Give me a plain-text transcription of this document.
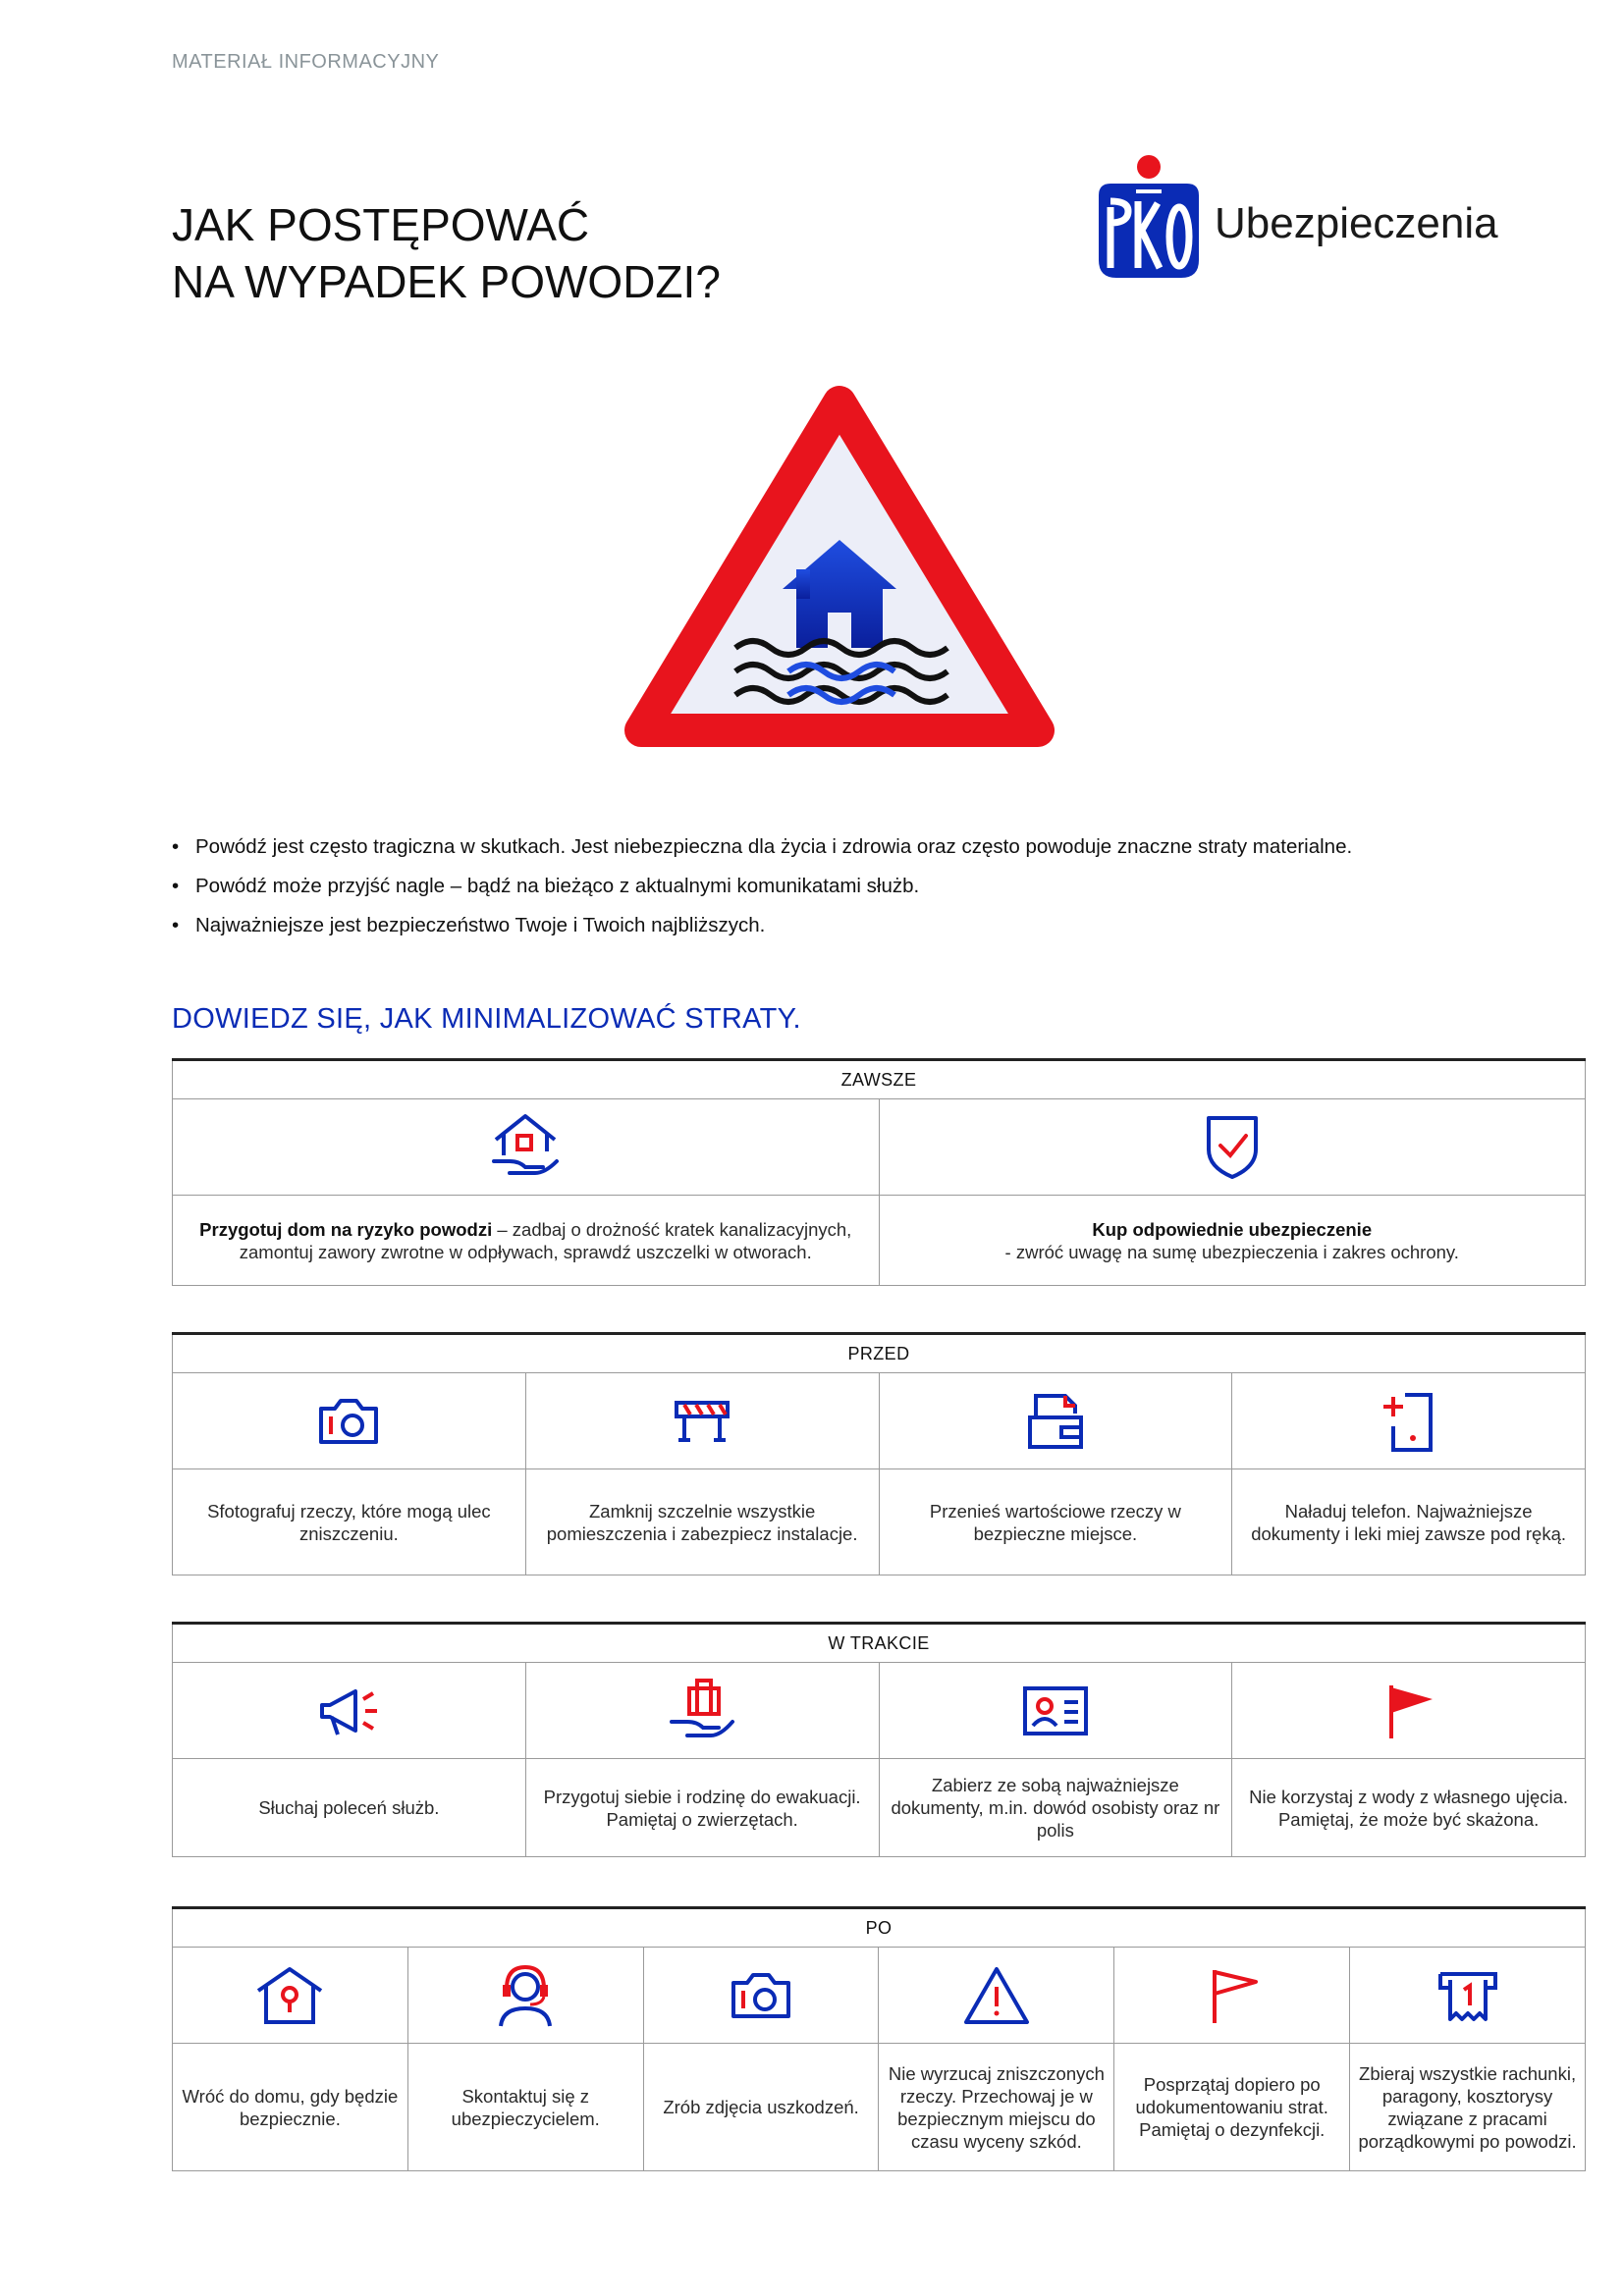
MATERIAŁ INFORMACYJNY
JAK POSTĘPOWAĆ
NA WYPADEK POWODZI?
Ubezpieczenia
• Powódź jest często tragiczna w skutkach. Jest niebezpieczna dla życia i zdrowia oraz często powoduje znaczne straty materialne.
• Powódź może przyjść nagle – bądź na bieżąco z aktualnymi komunikatami służb.
• Najważniejsze jest bezpieczeństwo Twoje i Twoich najbliższych.
DOWIEDZ SIĘ, JAK MINIMALIZOWAĆ STRATY.
ZAWSZE	

Przygotuj dom na ryzyko powodzi – zadbaj o drożność kratek kanalizacyjnych, zamontuj zawory zwrotne w odpływach, sprawdź uszczelki w otworach.	Kup odpowiednie ubezpieczenie
- zwróć uwagę na sumę ubezpieczenia i zakres ochrony.
PRZED			

Sfotografuj rzeczy, które mogą ulec zniszczeniu.	Zamknij szczelnie wszystkie pomieszczenia i zabezpiecz instalacje.	Przenieś wartościowe rzeczy w bezpieczne miejsce.	Naładuj telefon. Najważniejsze dokumenty i leki miej zawsze pod ręką.
W TRAKCIE			

Słuchaj poleceń służb.	Przygotuj siebie i rodzinę do ewakuacji. Pamiętaj o zwierzętach.	Zabierz ze sobą najważniejsze dokumenty, m.in. dowód osobisty oraz nr polis	Nie korzystaj z wody z własnego ujęcia. Pamiętaj, że może być skażona.
PO					

Wróć do domu, gdy będzie bezpiecznie.	Skontaktuj się z ubezpieczycielem.	Zrób zdjęcia uszkodzeń.	Nie wyrzucaj zniszczonych rzeczy. Przechowaj je w bezpiecznym miejscu do czasu wyceny szkód.	Posprzątaj dopiero po udokumentowaniu strat. Pamiętaj o dezynfekcji.	Zbieraj wszystkie rachunki, paragony, kosztorysy związane z pracami porządkowymi po powodzi.
